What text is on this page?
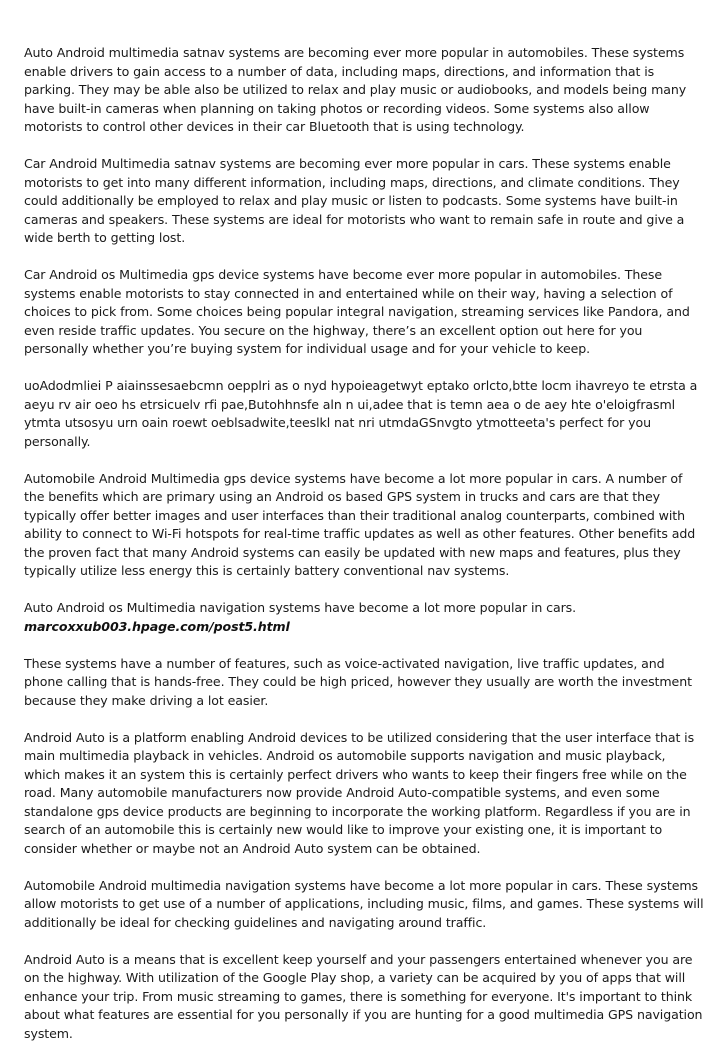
Auto Android multimedia satnav systems are becoming ever more popular in automobiles. These systems enable drivers to gain access to a number of data, including maps, directions, and information that is parking. They may be able also be utilized to relax and play music or audiobooks, and models being many have built-in cameras when planning on taking photos or recording videos. Some systems also allow motorists to control other devices in their car Bluetooth that is using technology.

Car Android Multimedia satnav systems are becoming ever more popular in cars. These systems enable motorists to get into many different information, including maps, directions, and climate conditions. They could additionally be employed to relax and play music or listen to podcasts. Some systems have built-in cameras and speakers. These systems are ideal for motorists who want to remain safe in route and give a wide berth to getting lost.

Car Android os Multimedia gps device systems have become ever more popular in automobiles. These systems enable motorists to stay connected in and entertained while on their way, having a selection of choices to pick from. Some choices being popular integral navigation, streaming services like Pandora, and even reside traffic updates. You secure on the highway, there’s an excellent option out here for you personally whether you’re buying system for individual usage and for your vehicle to keep.

uoAdodmliei P aiainssesaebcmn oepplri as o nyd hypoieagetwyt eptako orlcto,btte locm ihavreyo te etrsta a aeyu rv air oeo hs etrsicuelv rfi pae,Butohhnsfe aln n ui,adee that is temn aea o de aey hte o'eloigfrasml ytmta utsosyu urn oain roewt oeblsadwite,teeslkl nat nri utmdaGSnvgto ytmotteeta's perfect for you personally.

Automobile Android Multimedia gps device systems have become a lot more popular in cars. A number of the benefits which are primary using an Android os based GPS system in trucks and cars are that they typically offer better images and user interfaces than their traditional analog counterparts, combined with ability to connect to Wi-Fi hotspots for real-time traffic updates as well as other features. Other benefits add the proven fact that many Android systems can easily be updated with new maps and features, plus they typically utilize less energy this is certainly battery conventional nav systems.

Auto Android os Multimedia navigation systems have become a lot more popular in cars.
marcoxxub003.hpage.com/post5.html

These systems have a number of features, such as voice-activated navigation, live traffic updates, and phone calling that is hands-free. They could be high priced, however they usually are worth the investment because they make driving a lot easier.

Android Auto is a platform enabling Android devices to be utilized considering that the user interface that is main multimedia playback in vehicles. Android os automobile supports navigation and music playback, which makes it an system this is certainly perfect drivers who wants to keep their fingers free while on the road. Many automobile manufacturers now provide Android Auto-compatible systems, and even some standalone gps device products are beginning to incorporate the working platform. Regardless if you are in search of an automobile this is certainly new would like to improve your existing one, it is important to consider whether or maybe not an Android Auto system can be obtained.

Automobile Android multimedia navigation systems have become a lot more popular in cars. These systems allow motorists to get use of a number of applications, including music, films, and games. These systems will additionally be ideal for checking guidelines and navigating around traffic.

Android Auto is a means that is excellent keep yourself and your passengers entertained whenever you are on the highway. With utilization of the Google Play shop, a variety can be acquired by you of apps that will enhance your trip. From music streaming to games, there is something for everyone. It's important to think about what features are essential for you personally if you are hunting for a good multimedia GPS navigation system.
